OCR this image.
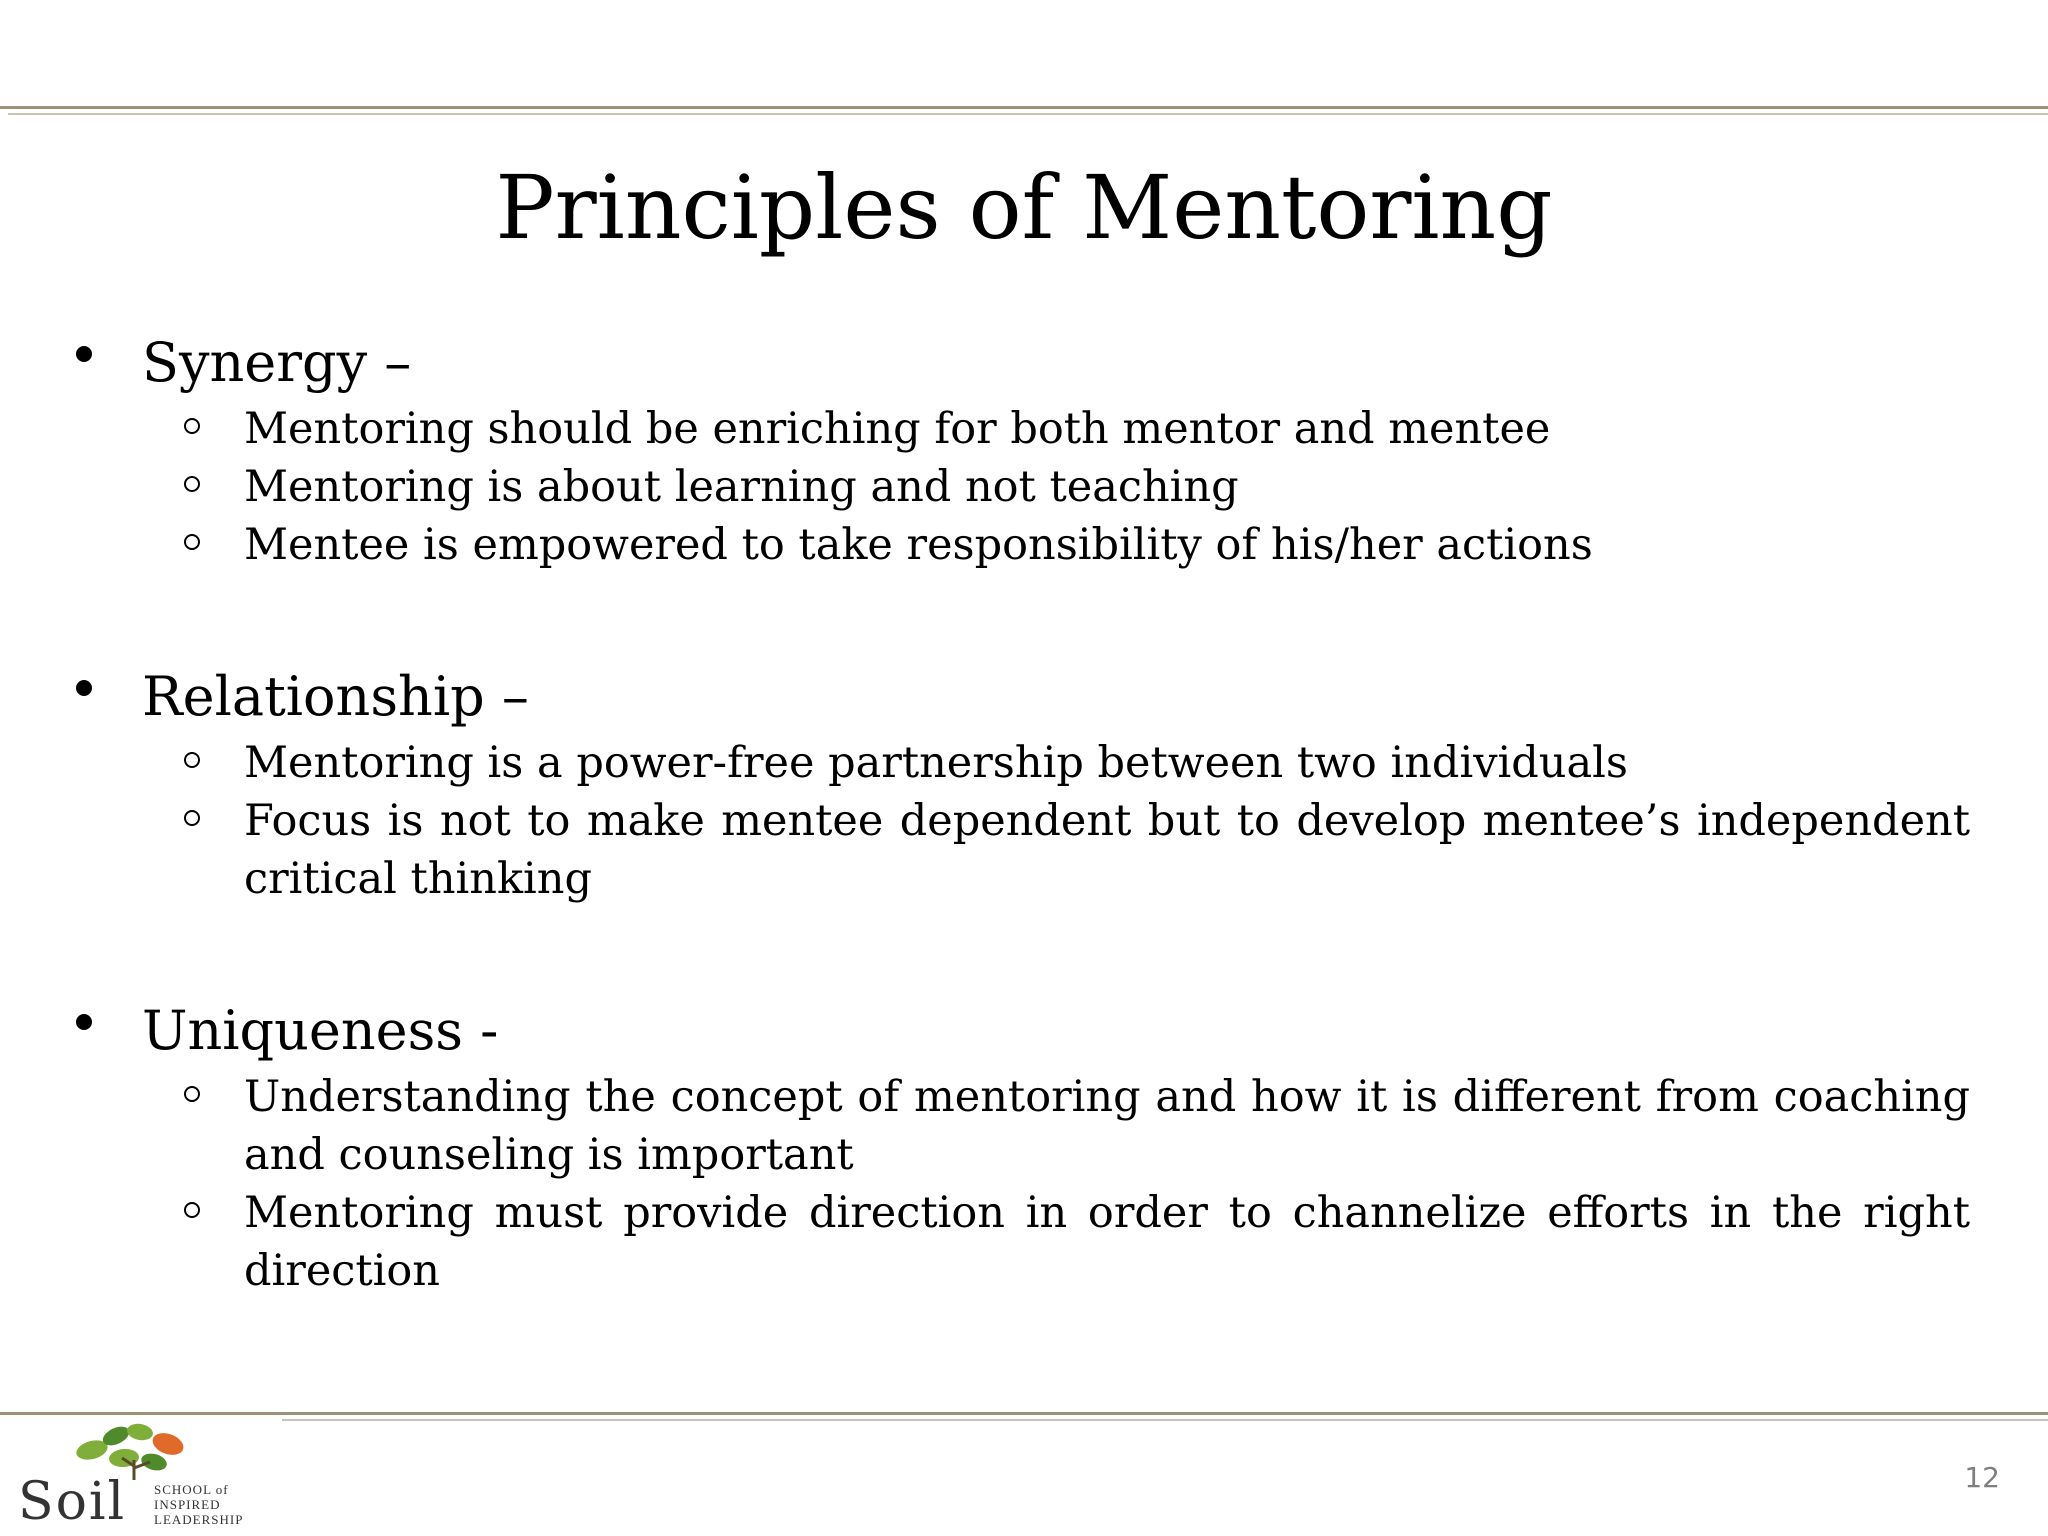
Principles of Mentoring
Synergy –
Mentoring should be enriching for both mentor and mentee
Mentoring is about learning and not teaching
Mentee is empowered to take responsibility of his/her actions
Relationship –
Mentoring is a power-free partnership between two individuals
Focus is not to make mentee dependent but to develop mentee’s independent critical thinking
Uniqueness -
Understanding the concept of mentoring and how it is different from coaching and counseling is important
Mentoring must provide direction in order to channelize efforts in the right direction
Soil SCHOOL of
INSPIRED
LEADERSHIP
12
